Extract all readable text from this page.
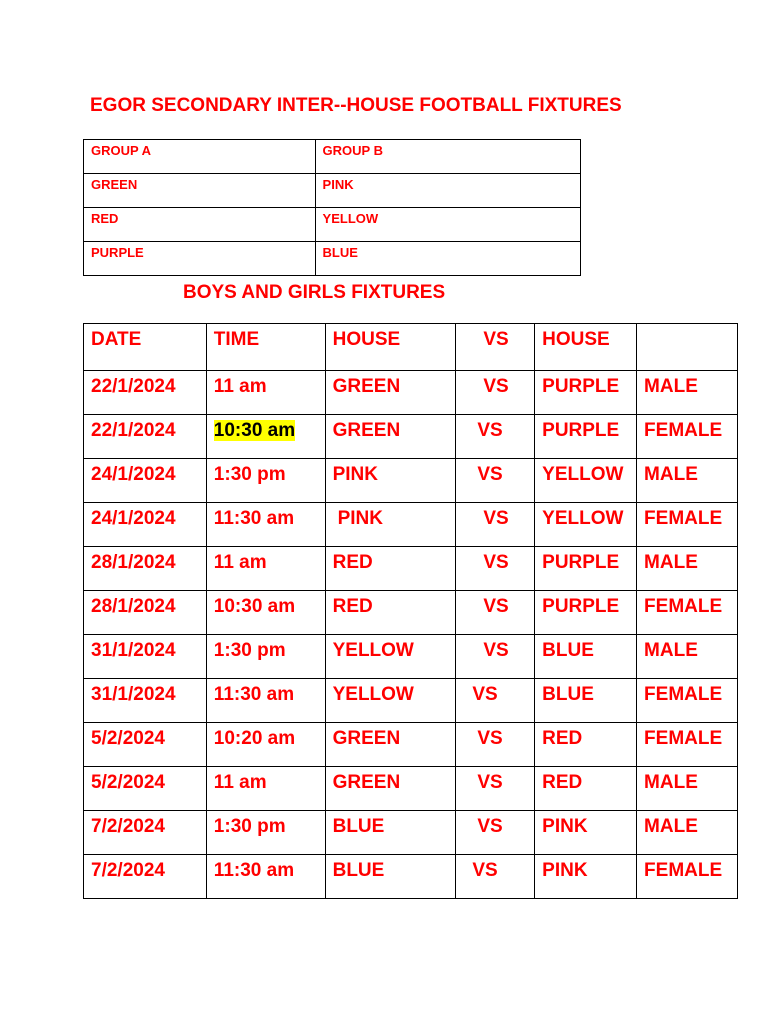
EGOR SECONDARY INTER--HOUSE FOOTBALL FIXTURES
GROUP A	GROUP B
GREEN	PINK
RED	YELLOW
PURPLE	BLUE
BOYS AND GIRLS FIXTURES
DATE	TIME	HOUSE	VS	HOUSE	
22/1/2024	11 am	GREEN	VS	PURPLE	MALE
22/1/2024	10:30 am	GREEN	VS	PURPLE	FEMALE
24/1/2024	1:30 pm	PINK	VS	YELLOW	MALE
24/1/2024	11:30 am	PINK	VS	YELLOW	FEMALE
28/1/2024	11 am	RED	VS	PURPLE	MALE
28/1/2024	10:30 am	RED	VS	PURPLE	FEMALE
31/1/2024	1:30 pm	YELLOW	VS	BLUE	MALE
31/1/2024	11:30 am	YELLOW	VS	BLUE	FEMALE
5/2/2024	10:20 am	GREEN	VS	RED	FEMALE
5/2/2024	11 am	GREEN	VS	RED	MALE
7/2/2024	1:30 pm	BLUE	VS	PINK	MALE
7/2/2024	11:30 am	BLUE	VS	PINK	FEMALE
